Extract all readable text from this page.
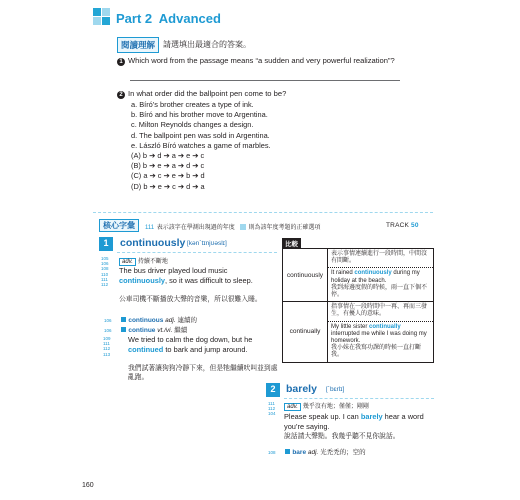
Part 2 Advanced
閱讀理解 請選填出最適合的答案。
1 Which word from the passage means “a sudden and very powerful realization”?
2 In what order did the ballpoint pen come to be?
a. Bíró’s brother creates a type of ink.
b. Bíró and his brother move to Argentina.
c. Milton Reynolds changes a design.
d. The ballpoint pen was sold in Argentina.
e. László Bíró watches a game of marbles.
(A) b ➔ d ➔ a ➔ e ➔ c
(B) b ➔ e ➔ a ➔ d ➔ c
(C) a ➔ c ➔ e ➔ b ➔ d
(D) b ➔ e ➔ c ➔ d ➔ a
核心字彙	111 表示該字在學測出現過的年度 則為該年度考題的正確選項	TRACK 50
1	continuously [kənˋtɪnjʊəslɪ]
105
106
108
110
111
112
adv. 持續不斷地
The bus driver played loud music continuously, so it was difficult to sleep.
公車司機不斷播放大聲的音樂，所以很難入睡。
106	continuous adj. 連續的
106	continue vt./vi. 繼續
109
111
112
113
We tried to calm the dog down, but he continued to bark and jump around.
我們試著讓狗狗冷靜下來，但是牠繼續吠叫並到處亂跑。
比較
continuously	表示事情連續進行一段時間，中間沒有間斷。
It rained continuously during my holiday at the beach.
我到海邊度假的時候，雨一直下個不停。

continually	指事情在一段時間中一再、再而三發生，有擾人的意味。
My little sister continually interrupted me while I was doing my homework.
我小妹在我寫功課的時候一直打斷我。
2	barely [ˋbɛrlɪ]
111
112
104
adv. 幾乎沒有地；僅僅；剛剛
Please speak up. I can barely hear a word you’re saying.
說話請大聲點。我幾乎聽不見你說話。
108	bare adj. 光禿禿的；空的
160
